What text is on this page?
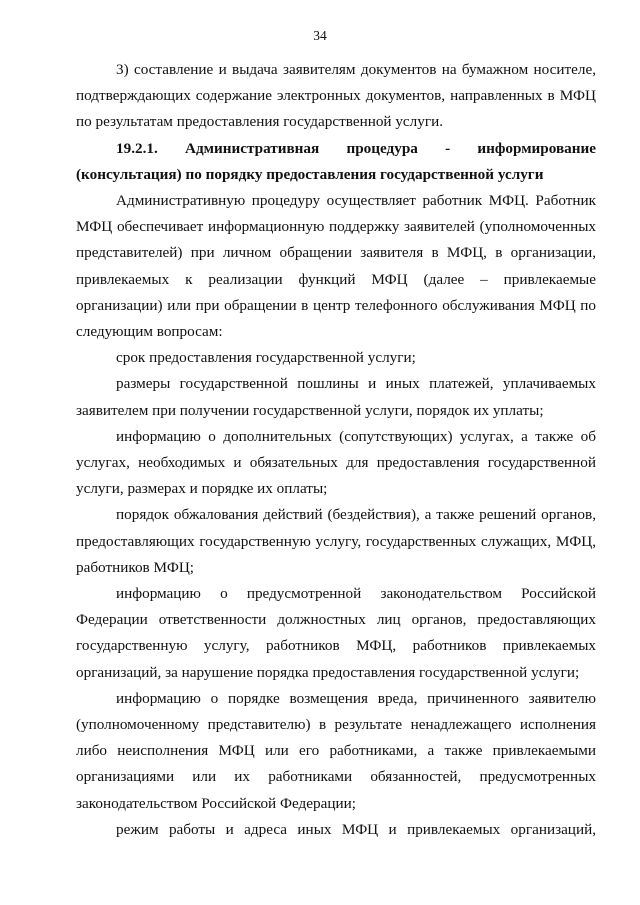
34

3) составление и выдача заявителям документов на бумажном носителе, подтверждающих содержание электронных документов, направленных в МФЦ по результатам предоставления государственной услуги.

19.2.1. Административная процедура - информирование (консультация) по порядку предоставления государственной услуги

Административную процедуру осуществляет работник МФЦ. Работник МФЦ обеспечивает информационную поддержку заявителей (уполномоченных представителей) при личном обращении заявителя в МФЦ, в организации, привлекаемых к реализации функций МФЦ (далее – привлекаемые организации) или при обращении в центр телефонного обслуживания МФЦ по следующим вопросам:

срок предоставления государственной услуги;

размеры государственной пошлины и иных платежей, уплачиваемых заявителем при получении государственной услуги, порядок их уплаты;

информацию о дополнительных (сопутствующих) услугах, а также об услугах, необходимых и обязательных для предоставления государственной услуги, размерах и порядке их оплаты;

порядок обжалования действий (бездействия), а также решений органов, предоставляющих государственную услугу, государственных служащих, МФЦ, работников МФЦ;

информацию о предусмотренной законодательством Российской Федерации ответственности должностных лиц органов, предоставляющих государственную услугу, работников МФЦ, работников привлекаемых организаций, за нарушение порядка предоставления государственной услуги;

информацию о порядке возмещения вреда, причиненного заявителю (уполномоченному представителю) в результате ненадлежащего исполнения либо неисполнения МФЦ или его работниками, а также привлекаемыми организациями или их работниками обязанностей, предусмотренных законодательством Российской Федерации;

режим работы и адреса иных МФЦ и привлекаемых организаций,
